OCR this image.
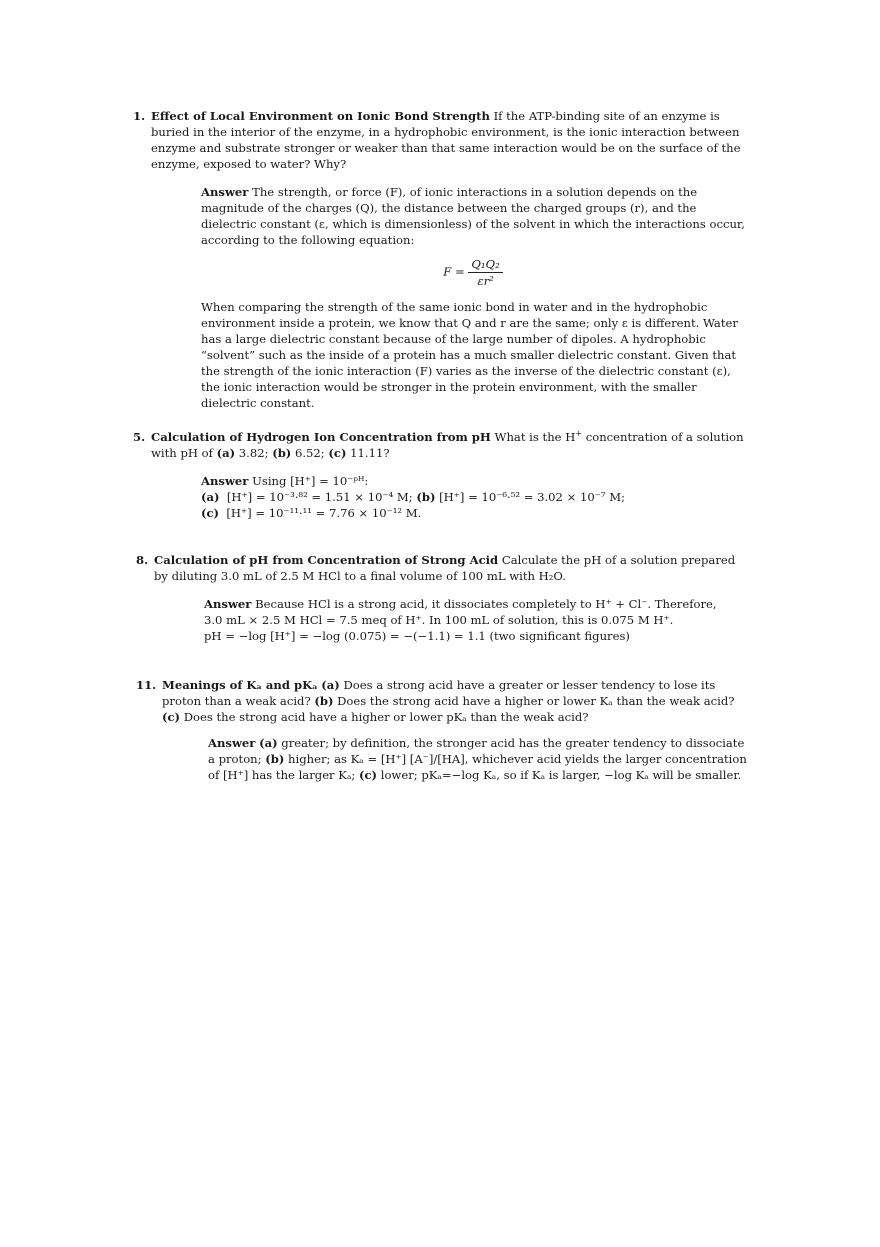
1. Effect of Local Environment on Ionic Bond Strength If the ATP-binding site of an enzyme is buried in the interior of the enzyme, in a hydrophobic environment, is the ionic interaction between enzyme and substrate stronger or weaker than that same interaction would be on the surface of the enzyme, exposed to water? Why?

Answer The strength, or force (F), of ionic interactions in a solution depends on the magnitude of the charges (Q), the distance between the charged groups (r), and the dielectric constant (ε, which is dimensionless) of the solvent in which the interactions occur, according to the following equation:

$F = \frac{\text{Q₁Q₂}}{\text{εr²}}$

When comparing the strength of the same ionic bond in water and in the hydrophobic environment inside a protein, we know that Q and r are the same; only ε is different. Water has a large dielectric constant because of the large number of dipoles. A hydrophobic “solvent” such as the inside of a protein has a much smaller dielectric constant. Given that the strength of the ionic interaction (F) varies as the inverse of the dielectric constant (ε), the ionic interaction would be stronger in the protein environment, with the smaller dielectric constant.

5. Calculation of Hydrogen Ion Concentration from pH What is the H+ concentration of a solution with pH of (a) 3.82; (b) 6.52; (c) 11.11?

Answer Using [H⁺] = 10⁻ᵖᴴ:

(a) [H⁺] = 10⁻³·⁸² = 1.51 × 10⁻⁴ M; (b) [H⁺] = 10⁻⁶·⁵² = 3.02 × 10⁻⁷ M;

(c) [H⁺] = 10⁻¹¹·¹¹ = 7.76 × 10⁻¹² M.

8. Calculation of pH from Concentration of Strong Acid Calculate the pH of a solution prepared by diluting 3.0 mL of 2.5 M HCl to a final volume of 100 mL with H₂O.

Answer Because HCl is a strong acid, it dissociates completely to H⁺ + Cl⁻. Therefore,

3.0 mL × 2.5 M HCl = 7.5 meq of H⁺. In 100 mL of solution, this is 0.075 M H⁺.

pH = −log [H⁺] = −log (0.075) = −(−1.1) = 1.1 (two significant figures)

11. Meanings of Kₐ and pKₐ (a) Does a strong acid have a greater or lesser tendency to lose its proton than a weak acid? (b) Does the strong acid have a higher or lower Kₐ than the weak acid? (c) Does the strong acid have a higher or lower pKₐ than the weak acid?

Answer (a) greater; by definition, the stronger acid has the greater tendency to dissociate a proton; (b) higher; as Kₐ = [H⁺] [A⁻]/[HA], whichever acid yields the larger concentration of [H⁺] has the larger Kₐ; (c) lower; pKₐ=−log Kₐ, so if Kₐ is larger, −log Kₐ will be smaller.
